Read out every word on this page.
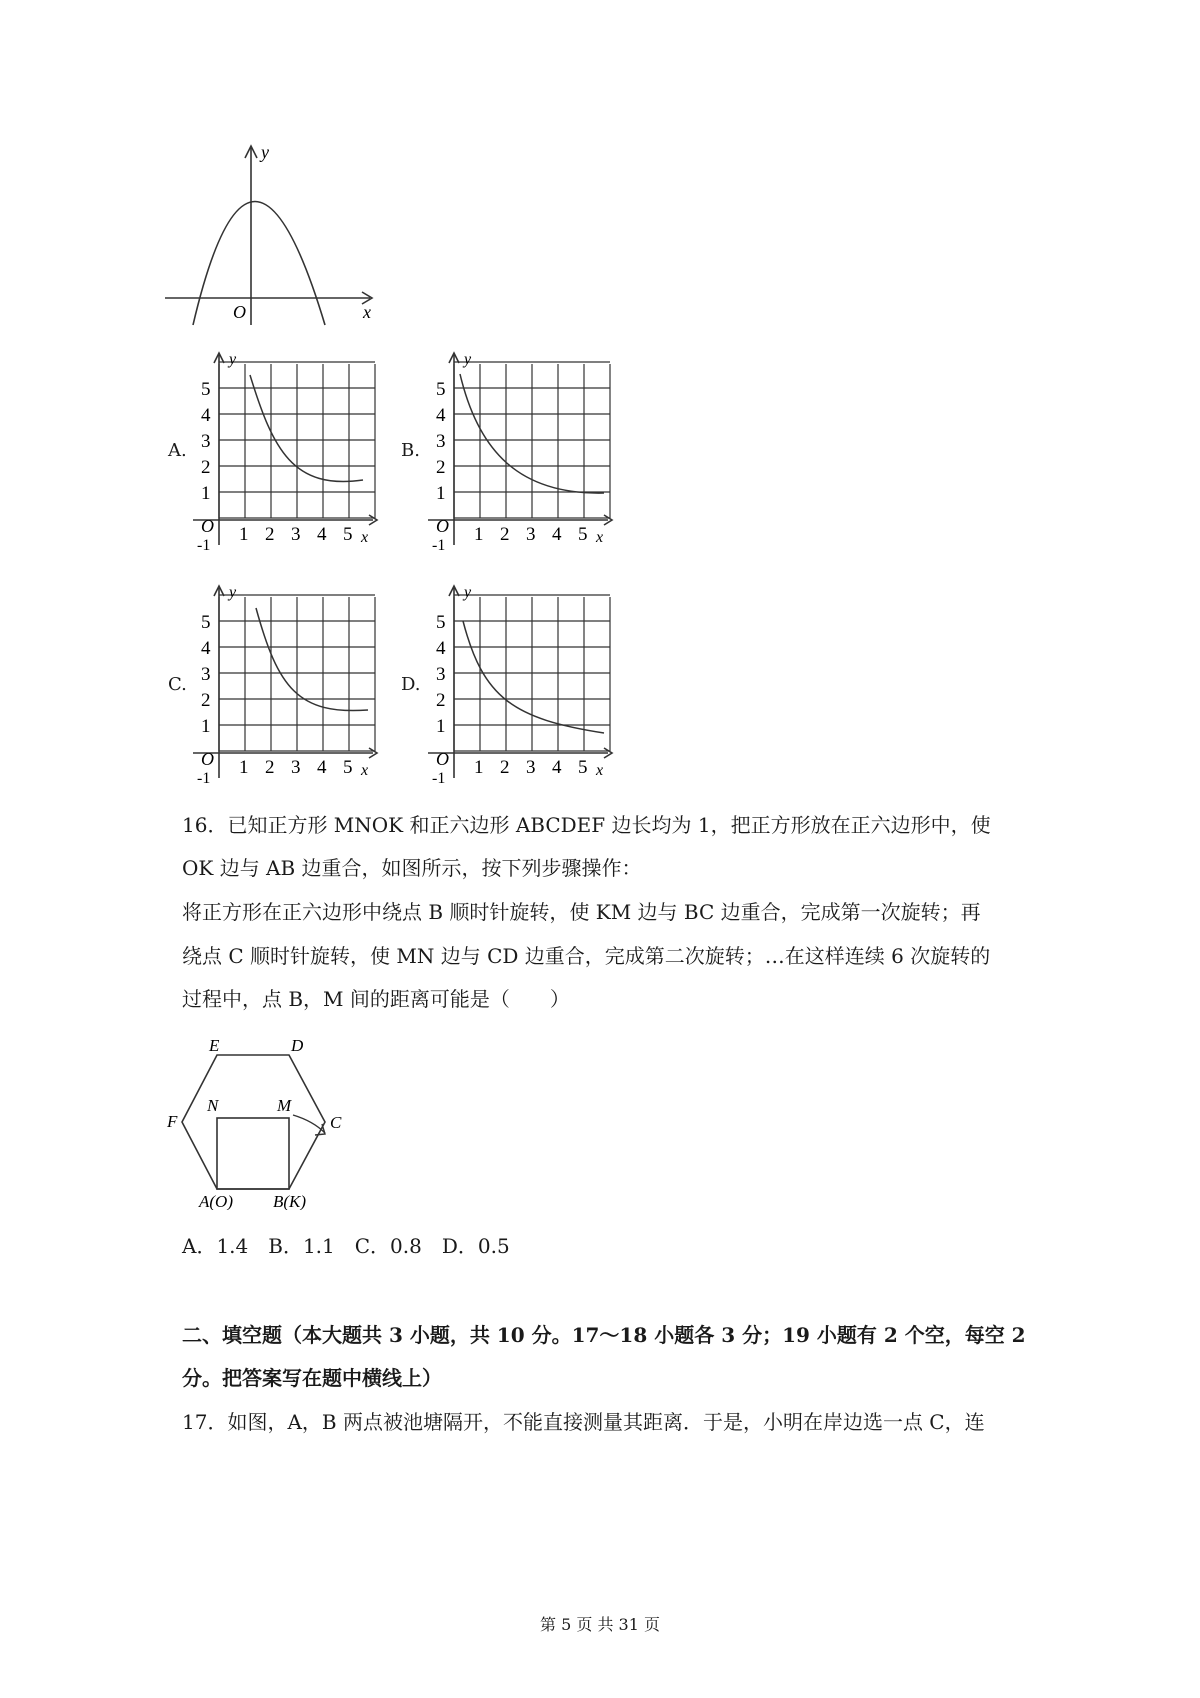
y
x
O
5
4
3
2
1
1 2 3 4 5
O
-1	x
y
5
4
3
2
1
1 2 3 4 5
O
-1	x
y
5
4
3
2
1
1 2 3 4 5
O
-1	x
y
5
4
3
2
1
1 2 3 4 5
O
-1	x
y
A.	B.
C.	D.
16．已知正方形 MNOK 和正六边形 ABCDEF 边长均为 1，把正方形放在正六边形中，使
OK 边与 AB 边重合，如图所示，按下列步骤操作：
将正方形在正六边形中绕点 B 顺时针旋转，使 KM 边与 BC 边重合，完成第一次旋转；再
绕点 C 顺时针旋转，使 MN 边与 CD 边重合，完成第二次旋转；…在这样连续 6 次旋转的
过程中，点 B，M 间的距离可能是（　　）
E	D
F	C
N	M
A(O) B(K)
A．1.4　B．1.1　C．0.8　D．0.5
二、填空题（本大题共 3 小题，共 10 分。17～18 小题各 3 分；19 小题有 2 个空，每空 2
分。把答案写在题中横线上）
17．如图，A，B 两点被池塘隔开，不能直接测量其距离．于是，小明在岸边选一点 C，连
第 5 页 共 31 页
